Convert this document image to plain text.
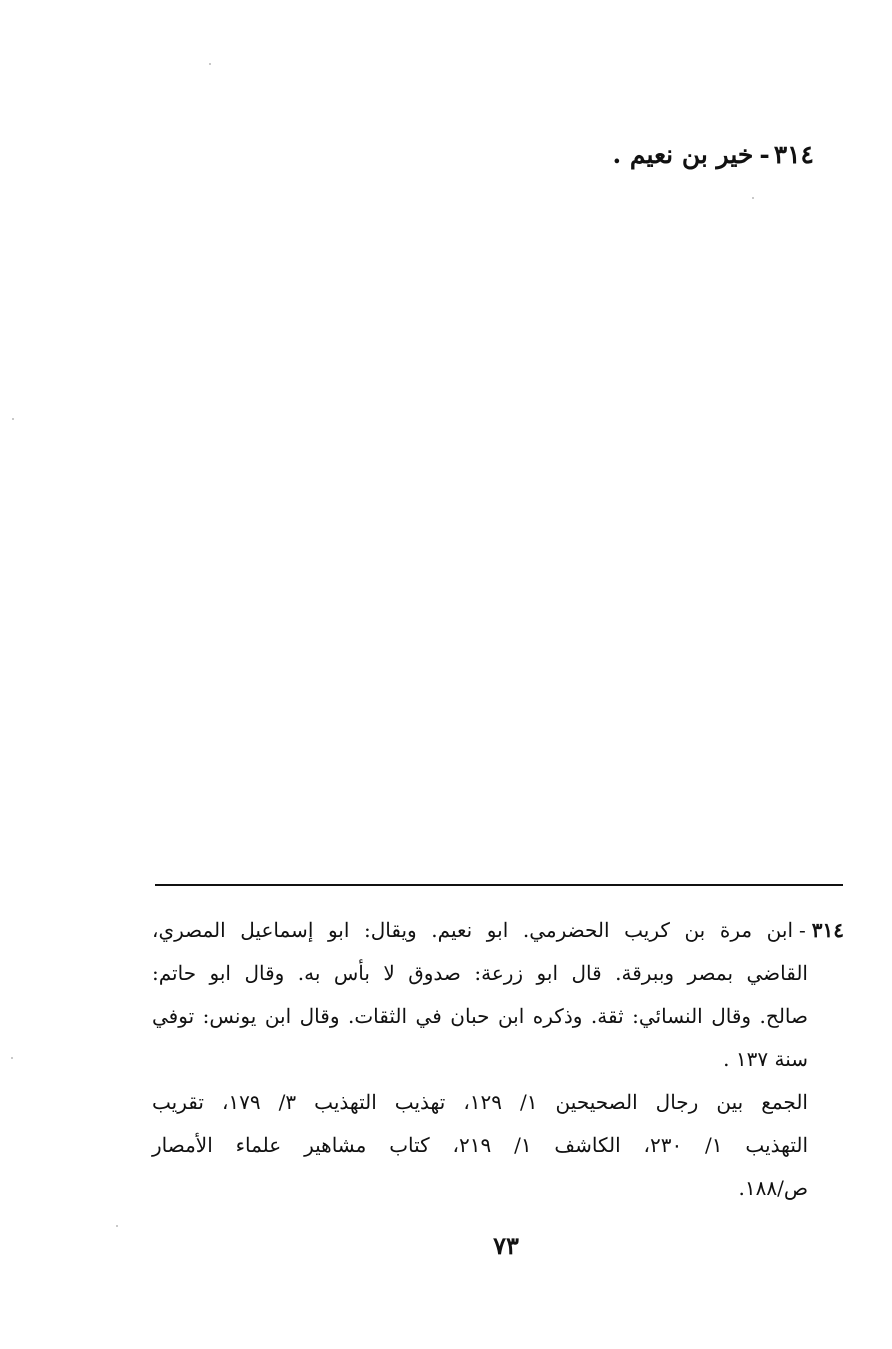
٣١٤-خير بن نعيم .
٣١٤-ابن مرة بن كريب الحضرمي. ابو نعيم. ويقال: ابو إسماعيل المصري،
القاضي بمصر وببرقة. قال ابو زرعة: صدوق لا بأس به. وقال ابو حاتم:
صالح. وقال النسائي: ثقة. وذكره ابن حبان في الثقات. وقال ابن يونس: توفي
سنة ١٣٧ .
الجمع بين رجال الصحيحين ١/ ١٢٩، تهذيب التهذيب ٣/ ١٧٩، تقريب
التهذيب ١/ ٢٣٠، الكاشف ١/ ٢١٩، كتاب مشاهير علماء الأمصار
ص/١٨٨.
٧٣
